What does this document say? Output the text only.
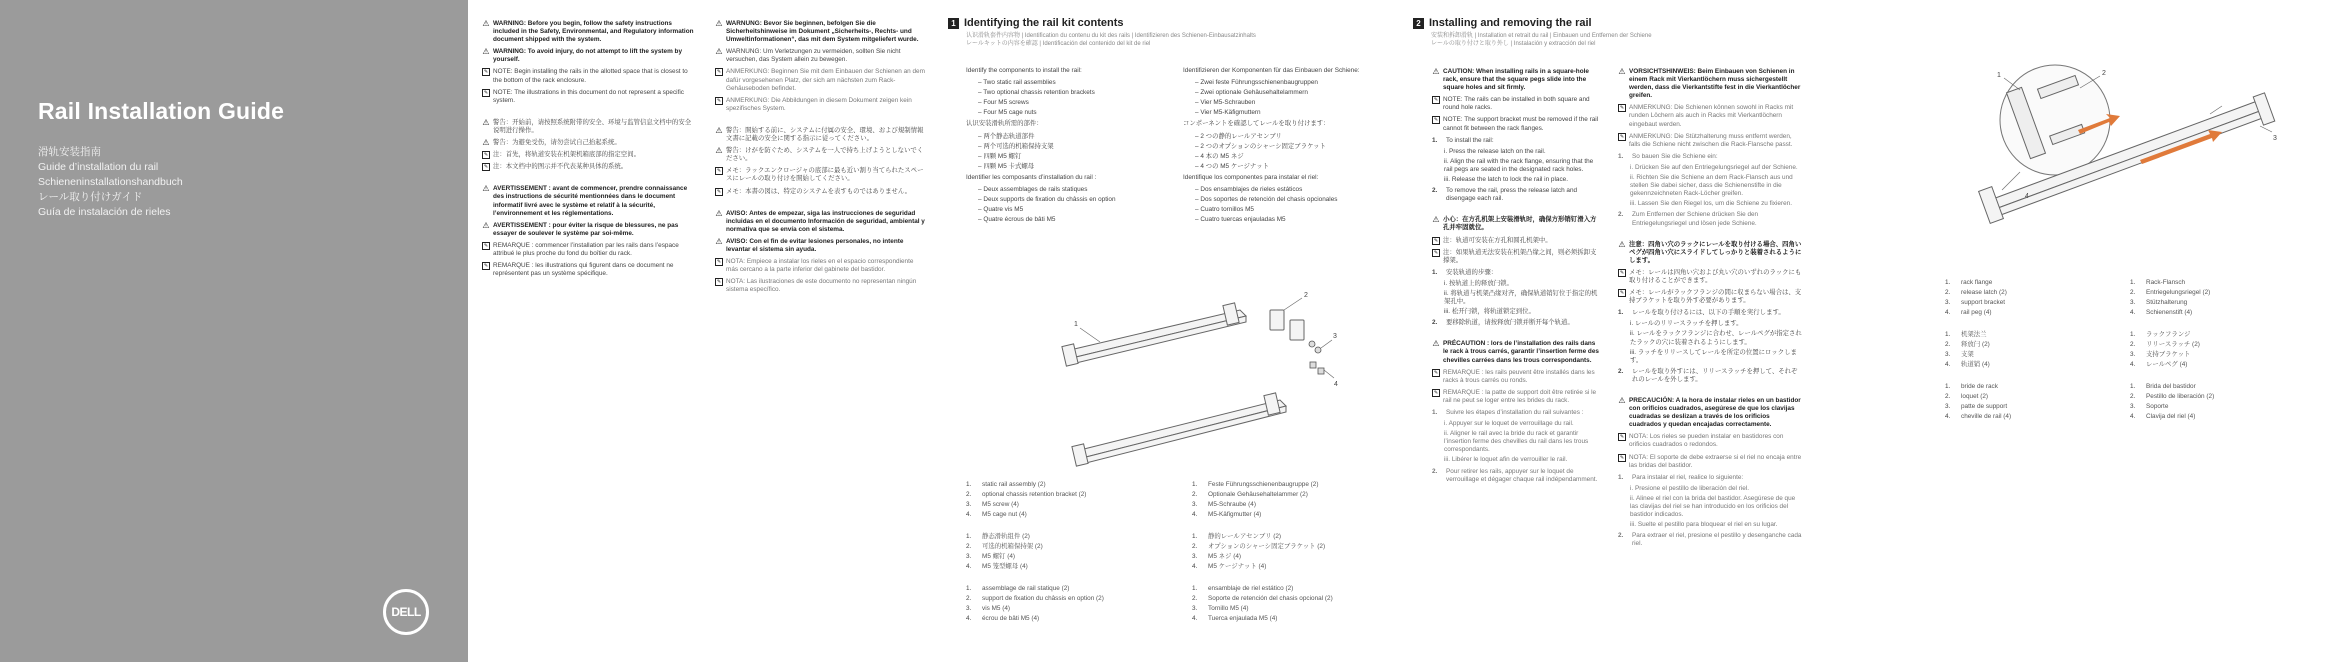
Rail Installation Guide
滑轨安装指南
Guide d’installation du rail
Schieneninstallationshandbuch
レール取り付けガイド
Guía de instalación de rieles
DELL
⚠ WARNING: Before you begin, follow the safety instructions included in the Safety, Environmental, and Regulatory information document shipped with the system.
⚠ WARNING: To avoid injury, do not attempt to lift the system by yourself.
✎ NOTE: Begin installing the rails in the allotted space that is closest to the bottom of the rack enclosure.
✎ NOTE: The illustrations in this document do not represent a specific system.
⚠ 警告：开始前，请按照系统附带的安全、环境与监管信息文档中的安全说明进行操作。
⚠ 警告：为避免受伤，请勿尝试自己抬起系统。
✎ 注：首先，将轨道安装在机架机箱底部的指定空间。
✎ 注：本文档中的图示并不代表某种具体的系统。
⚠ AVERTISSEMENT : avant de commencer, prendre connaissance des instructions de sécurité mentionnées dans le document informatif livré avec le système et relatif à la sécurité, l’environnement et les réglementations.
⚠ AVERTISSEMENT : pour éviter la risque de blessures, ne pas essayer de soulever le système par soi-même.
✎ REMARQUE : commencer l’installation par les rails dans l’espace attribué le plus proche du fond du boîtier du rack.
✎ REMARQUE : les illustrations qui figurent dans ce document ne représentent pas un système spécifique.
⚠ WARNUNG: Bevor Sie beginnen, befolgen Sie die Sicherheitshinweise im Dokument „Sicherheits-, Rechts- und Umweltinformationen“, das mit dem System mitgeliefert wurde.
⚠ WARNUNG: Um Verletzungen zu vermeiden, sollten Sie nicht versuchen, das System allein zu bewegen.
✎ ANMERKUNG: Beginnen Sie mit dem Einbauen der Schienen an dem dafür vorgesehenen Platz, der sich am nächsten zum Rack-Gehäuseboden befindet.
✎ ANMERKUNG: Die Abbildungen in diesem Dokument zeigen kein spezifisches System.
⚠ 警告：開始する前に、システムに付属の安全、環境、および規制情報文書に記載の安全に関する指示に従ってください。
⚠ 警告：けがを防ぐため、システムを一人で持ち上げようとしないでください。
✎ メモ：ラックエンクロージャの底部に最も近い割り当てられたスペースにレールの取り付けを開始してください。
✎ メモ：本書の図は、特定のシステムを表すものではありません。
⚠ AVISO: Antes de empezar, siga las instrucciones de seguridad incluidas en el documento Información de seguridad, ambiental y normativa que se envía con el sistema.
⚠ AVISO: Con el fin de evitar lesiones personales, no intente levantar el sistema sin ayuda.
✎ NOTA: Empiece a instalar los rieles en el espacio correspondiente más cercano a la parte inferior del gabinete del bastidor.
✎ NOTA: Las ilustraciones de este documento no representan ningún sistema específico.
1 Identifying the rail kit contents
认识滑轨套件内容物 | Identification du contenu du kit des rails | Identifizieren des Schienen-Einbausatzinhalts
レールキットの内容を確認 | Identificación del contenido del kit de riel

Identify the components to install the rail:

– Two static rail assemblies
– Two optional chassis retention brackets
– Four M5 screws
– Four M5 cage nuts

认识安装滑轨所需的部件：

– 两个静态轨道部件
– 两个可选的机箱保持支架
– 四颗 M5 螺钉
– 四颗 M5 卡式螺母

Identifier les composants d’installation du rail :

– Deux assemblages de rails statiques
– Deux supports de fixation du châssis en option
– Quatre vis M5
– Quatre écrous de bâti M5

Identifizieren der Komponenten für das Einbauen der Schiene:

– Zwei feste Führungsschienenbaugruppen
– Zwei optionale Gehäusehaltelammern
– Vier M5-Schrauben
– Vier M5-Käfigmuttern

コンポーネントを確認してレールを取り付けます：

– 2 つの静的レールアセンブリ
– 2 つのオプションのシャーシ固定ブラケット
– 4 本の M5 ネジ
– 4 つの M5 ケージナット

Identifique los componentes para instalar el riel:

– Dos ensamblajes de rieles estáticos
– Dos soportes de retención del chasis opcionales
– Cuatro tornillos M5
– Cuatro tuercas enjauladas M5
1
2
3
4
1.	static rail assembly (2)
2.	optional chassis retention bracket (2)
3.	M5 screw (4)
4.	M5 cage nut (4)
1.	静态滑轨组件 (2)
2.	可选的机箱保持架 (2)
3.	M5 螺钉 (4)
4.	M5 笼型螺母 (4)
1.	assemblage de rail statique (2)
2.	support de fixation du châssis en option (2)
3.	vis M5 (4)
4.	écrou de bâti M5 (4)
1.	Feste Führungsschienenbaugruppe (2)
2.	Optionale Gehäusehaltelammer (2)
3.	M5-Schraube (4)
4.	M5-Käfigmutter (4)
1.	静的レールアセンブリ (2)
2.	オプションのシャーシ固定ブラケット (2)
3.	M5 ネジ (4)
4.	M5 ケージナット (4)
1.	ensamblaje de riel estático (2)
2.	Soporte de retención del chasis opcional (2)
3.	Tornillo M5 (4)
4.	Tuerca enjaulada M5 (4)
2 Installing and removing the rail
安装和拆卸滑轨 | Installation et retrait du rail | Einbauen und Entfernen der Schiene
レールの取り付けと取り外し | Instalación y extracción del riel
⚠ CAUTION: When installing rails in a square-hole rack, ensure that the square pegs slide into the square holes and sit firmly.
✎ NOTE: The rails can be installed in both square and round hole racks.
✎ NOTE: The support bracket must be removed if the rail cannot fit between the rack flanges.
1.	To install the rail:
i. Press the release latch on the rail.
ii. Align the rail with the rack flange, ensuring that the rail pegs are seated in the designated rack holes.
iii. Release the latch to lock the rail in place.
2.	To remove the rail, press the release latch and disengage each rail.
⚠ 小心：在方孔机架上安装滑轨时，确保方形销钉滑入方孔并牢固就位。
✎ 注：轨道可安装在方孔和圆孔机架中。
✎ 注：如果轨道无法安装在机架凸缘之间，则必须拆卸支撑架。
1.	安装轨道的步骤：
i. 按轨道上的释放闩锁。
ii. 将轨道与机架凸缘对齐，确保轨道销钉位于指定的机架孔中。
iii. 松开闩锁，将轨道锁定到位。
2.	要移除轨道，请按释放闩锁并断开每个轨道。
⚠ PRÉCAUTION : lors de l’installation des rails dans le rack à trous carrés, garantir l’insertion ferme des chevilles carrées dans les trous correspondants.
✎ REMARQUE : les rails peuvent être installés dans les racks à trous carrés ou ronds.
✎ REMARQUE : la patte de support doit être retirée si le rail ne peut se loger entre les brides du rack.
1.	Suivre les étapes d’installation du rail suivantes :
i. Appuyer sur le loquet de verrouillage du rail.
ii. Aligner le rail avec la bride du rack et garantir l’insertion ferme des chevilles du rail dans les trous correspondants.
iii. Libérer le loquet afin de verrouiller le rail.
2.	Pour retirer les rails, appuyer sur le loquet de verrouillage et dégager chaque rail indépendamment.
⚠ VORSICHTSHINWEIS: Beim Einbauen von Schienen in einem Rack mit Vierkantlöchern muss sichergestellt werden, dass die Vierkantstifte fest in die Vierkantlöcher greifen.
✎ ANMERKUNG: Die Schienen können sowohl in Racks mit runden Löchern als auch in Racks mit Vierkantlöchern eingebaut werden.
✎ ANMERKUNG: Die Stützhalterung muss entfernt werden, falls die Schiene nicht zwischen die Rack-Flansche passt.
1.	So bauen Sie die Schiene ein:
i. Drücken Sie auf den Entriegelungsriegel auf der Schiene.
ii. Richten Sie die Schiene an dem Rack-Flansch aus und stellen Sie dabei sicher, dass die Schienenstifte in die gekennzeichneten Rack-Löcher greifen.
iii. Lassen Sie den Riegel los, um die Schiene zu fixieren.
2.	Zum Entfernen der Schiene drücken Sie den Entriegelungsriegel und lösen jede Schiene.
⚠ 注意：四角い穴のラックにレールを取り付ける場合、四角いペグが四角い穴にスライドしてしっかりと装着されるようにします。
✎ メモ：レールは四角い穴および丸い穴のいずれのラックにも取り付けることができます。
✎ メモ：レールがラックフランジの間に収まらない場合は、支持ブラケットを取り外す必要があります。
1.	レールを取り付けるには、以下の手順を実行します。
i. レールのリリースラッチを押します。
ii. レールをラックフランジに合わせ、レールペグが指定されたラックの穴に装着されるようにします。
iii. ラッチをリリースしてレールを所定の位置にロックします。
2.	レールを取り外すには、リリースラッチを押して、それぞれのレールを外します。
⚠ PRECAUCIÓN: A la hora de instalar rieles en un bastidor con orificios cuadrados, asegúrese de que los clavijas cuadradas se deslizan a través de los orificios cuadrados y quedan encajadas correctamente.
✎ NOTA: Los rieles se pueden instalar en bastidores con orificios cuadrados o redondos.
✎ NOTA: El soporte de debe extraerse si el riel no encaja entre las bridas del bastidor.
1.	Para instalar el riel, realice lo siguiente:
i. Presione el pestillo de liberación del riel.
ii. Alinee el riel con la brida del bastidor. Asegúrese de que las clavijas del riel se han introducido en los orificios del bastidor indicados.
iii. Suelte el pestillo para bloquear el riel en su lugar.
2.	Para extraer el riel, presione el pestillo y desenganche cada riel.
1	2
3
4
1.	rack flange
2.	release latch (2)
3.	support bracket
4.	rail peg (4)
1.	机架法兰
2.	释放闩 (2)
3.	支架
4.	轨道销 (4)
1.	bride de rack
2.	loquet (2)
3.	patte de support
4.	cheville de rail (4)
1.	Rack-Flansch
2.	Entriegelungsriegel (2)
3.	Stützhalterung
4.	Schienenstift (4)
1.	ラックフランジ
2.	リリースラッチ (2)
3.	支持ブラケット
4.	レールペグ (4)
1.	Brida del bastidor
2.	Pestillo de liberación (2)
3.	Soporte
4.	Clavija del riel (4)
